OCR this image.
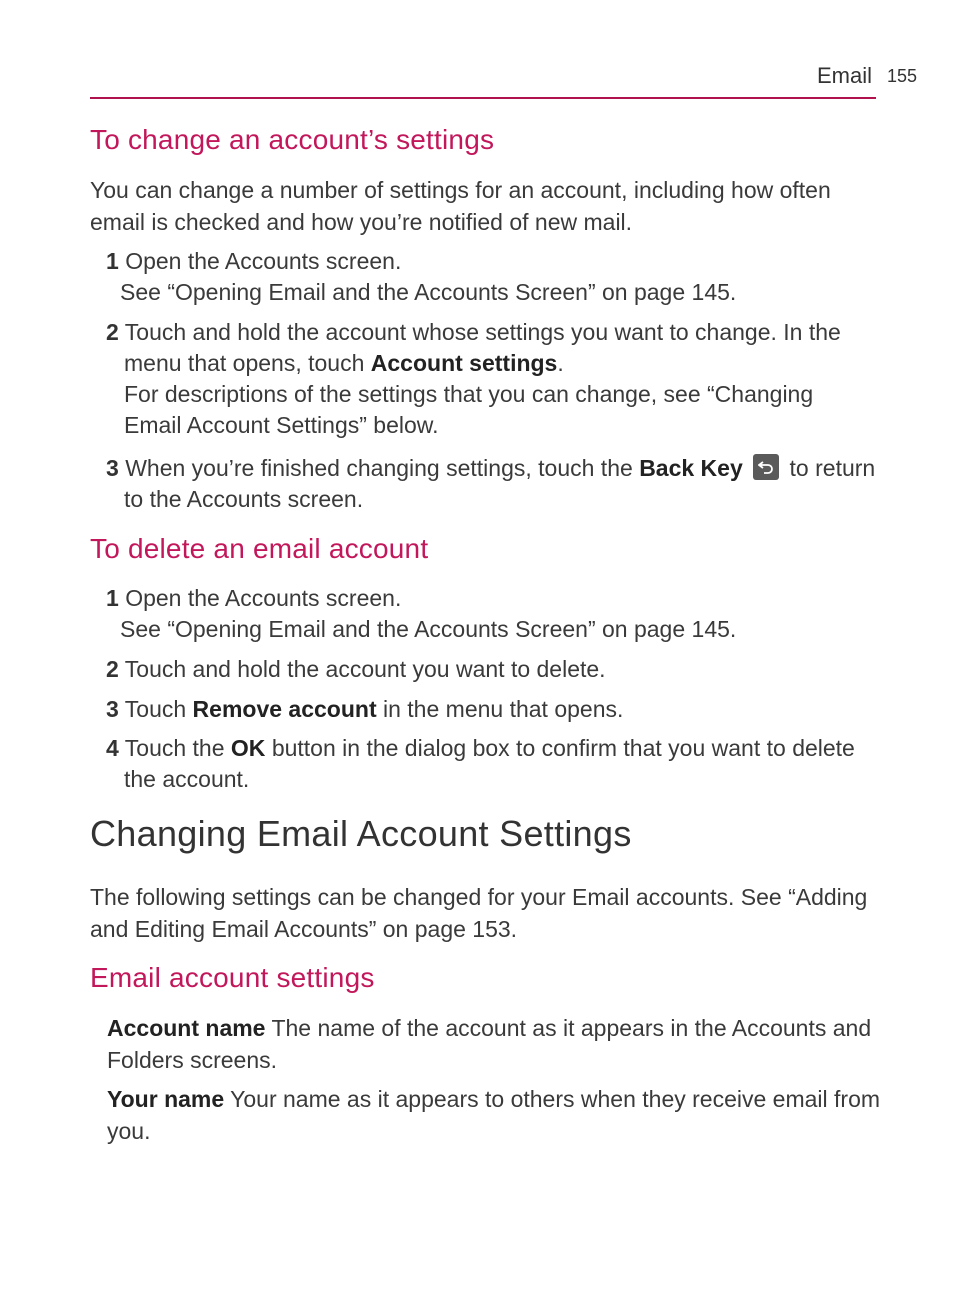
Email 155
To change an account’s settings

You can change a number of settings for an account, including how often email is checked and how you’re notified of new mail.

1 Open the Accounts screen.
See “Opening Email and the Accounts Screen” on page 145.
2 Touch and hold the account whose settings you want to change. In the menu that opens, touch Account settings.
For descriptions of the settings that you can change, see “Changing Email Account Settings” below.
3 When you’re finished changing settings, touch the Back Key to return to the Accounts screen.
To delete an email account
1 Open the Accounts screen.
See “Opening Email and the Accounts Screen” on page 145.
2 Touch and hold the account you want to delete.
3 Touch Remove account in the menu that opens.
4 Touch the OK button in the dialog box to confirm that you want to delete the account.
Changing Email Account Settings

The following settings can be changed for your Email accounts. See “Adding and Editing Email Accounts” on page 153.

Email account settings
Account name The name of the account as it appears in the Accounts and Folders screens.
Your name Your name as it appears to others when they receive email from you.
